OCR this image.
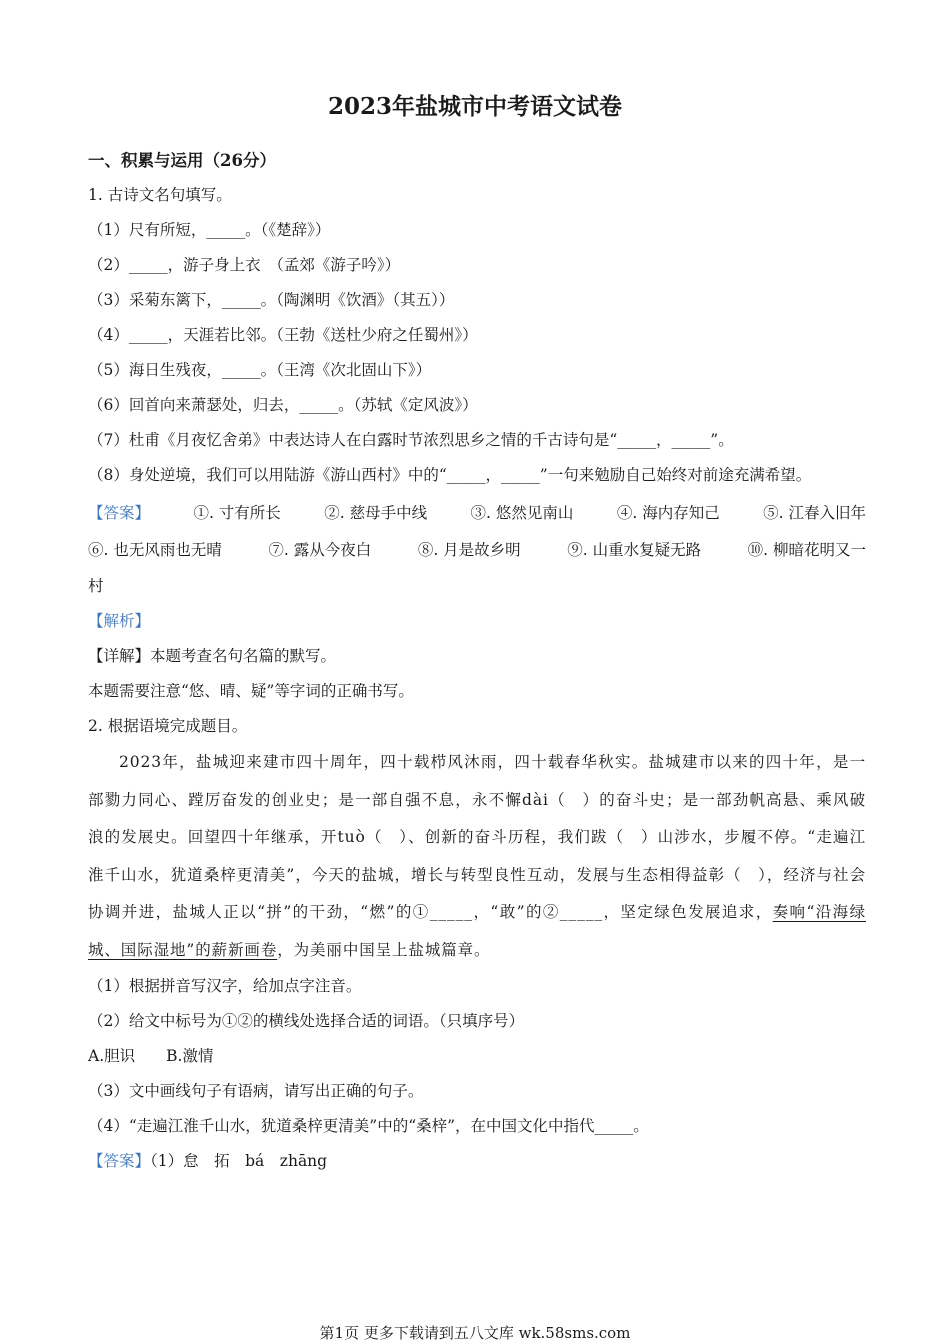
2023年盐城市中考语文试卷
一、积累与运用（26分）
1. 古诗文名句填写。
（1）尺有所短，_____。（《楚辞》）
（2）_____，游子身上衣　（孟郊《游子吟》）
（3）采菊东篱下，_____。（陶渊明《饮酒》（其五））
（4）_____，天涯若比邻。（王勃《送杜少府之任蜀州》）
（5）海日生残夜，_____。（王湾《次北固山下》）
（6）回首向来萧瑟处，归去，_____。（苏轼《定风波》）
（7）杜甫《月夜忆舍弟》中表达诗人在白露时节浓烈思乡之情的千古诗句是“_____，_____”。
（8）身处逆境，我们可以用陆游《游山西村》中的“_____，_____”一句来勉励自己始终对前途充满希望。
【答案】	①. 寸有所长	②. 慈母手中线	③. 悠然见南山	④. 海内存知己	⑤. 江春入旧年
⑥. 也无风雨也无晴	⑦. 露从今夜白	⑧. 月是故乡明	⑨. 山重水复疑无路	⑩. 柳暗花明又一
村
【解析】
【详解】本题考查名句名篇的默写。
本题需要注意“悠、晴、疑”等字词的正确书写。
2. 根据语境完成题目。

2023年，盐城迎来建市四十周年，四十载栉风沐雨，四十载春华秋实。盐城建市以来的四十年，是一部勠力同心、蹚厉奋发的创业史；是一部自强不息，永不懈dài（　）的奋斗史；是一部劲帆高悬、乘风破浪的发展史。回望四十年继承，开tuò（　）、创新的奋斗历程，我们跋（　）山涉水，步履不停。“走遍江淮千山水，犹道桑梓更清美”，今天的盐城，增长与转型良性互动，发展与生态相得益彰（　），经济与社会协调并进，盐城人正以“拼”的干劲，“燃”的①_____，“敢”的②_____，坚定绿色发展追求，奏响“沿海绿城、国际湿地”的薪新画卷，为美丽中国呈上盐城篇章。

（1）根据拼音写汉字，给加点字注音。
（2）给文中标号为①②的横线处选择合适的词语。（只填序号）
A.胆识　　B.激情
（3）文中画线句子有语病，请写出正确的句子。
（4）“走遍江淮千山水，犹道桑梓更清美”中的“桑梓”，在中国文化中指代_____。
【答案】（1）怠　拓　bá　zhāng
第1页 更多下载请到五八文库 wk.58sms.com
